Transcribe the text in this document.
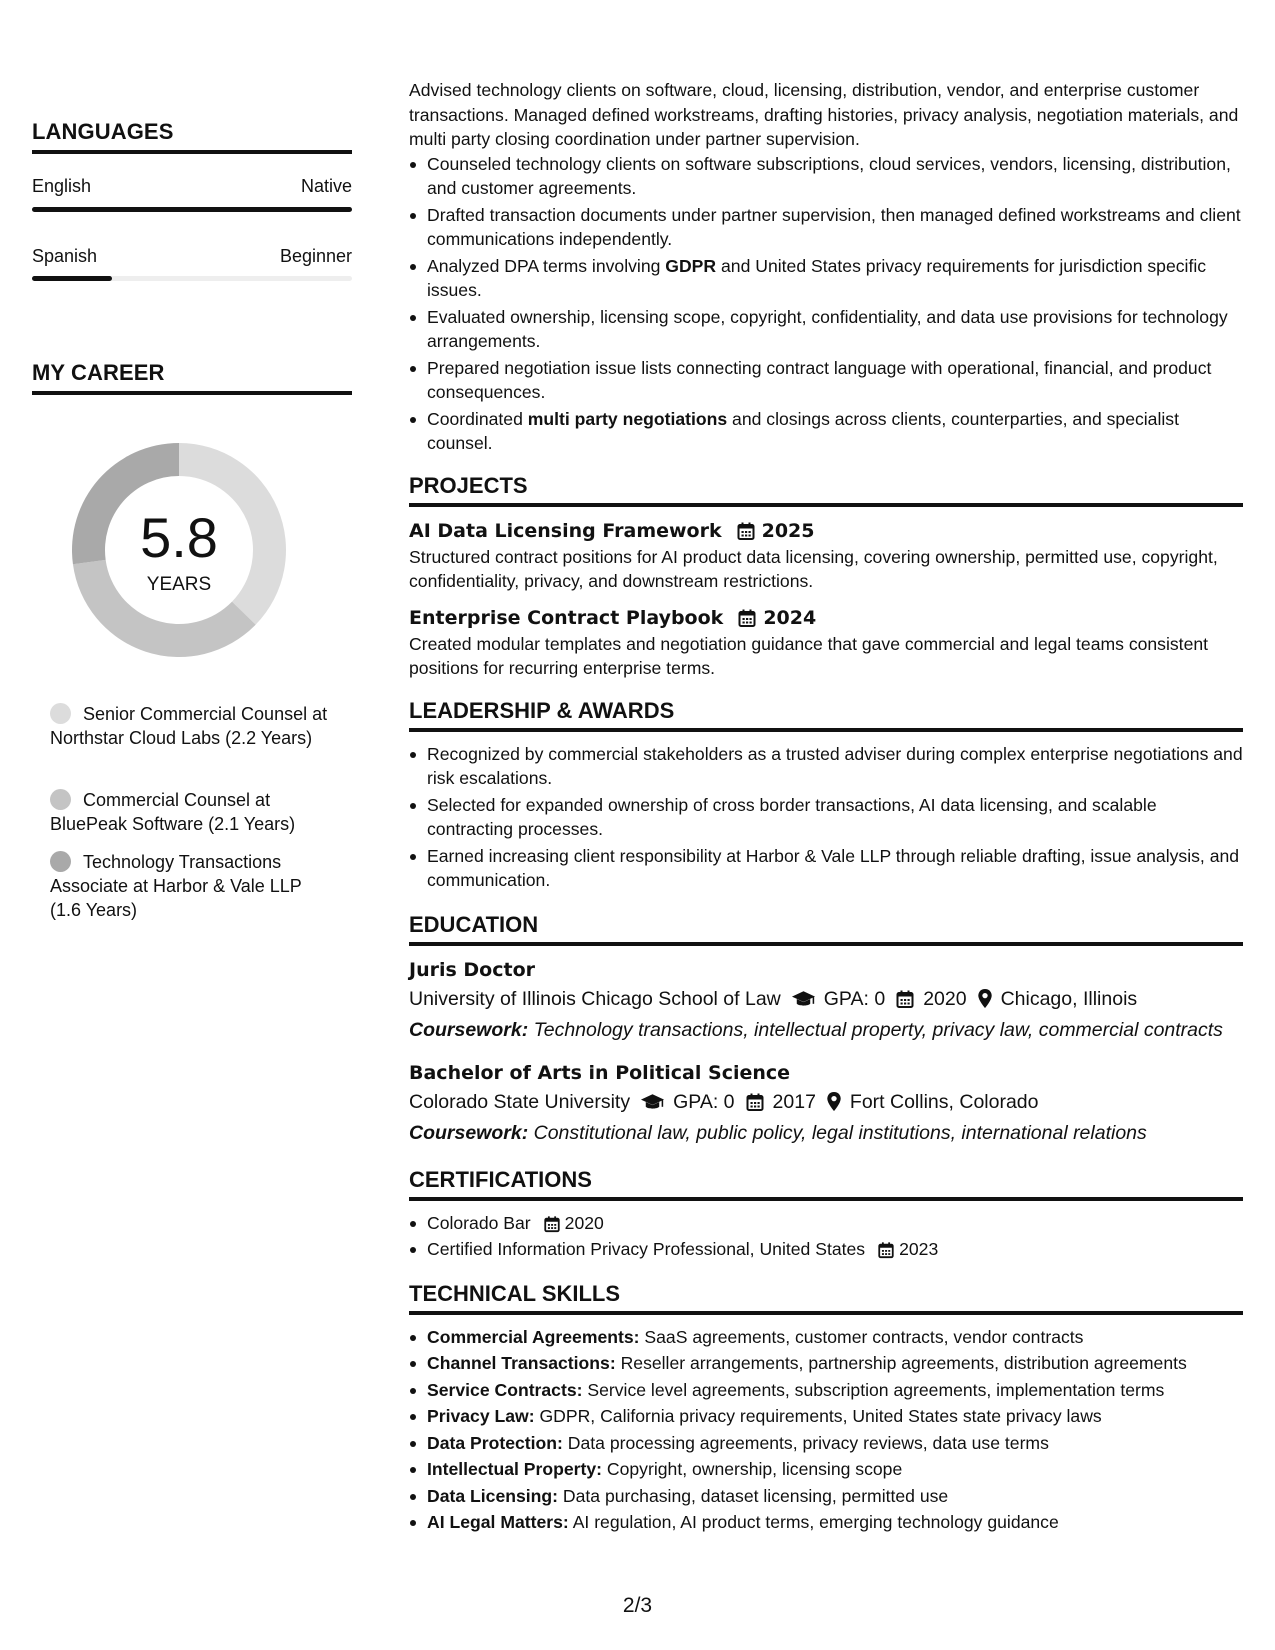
LANGUAGES
English	Native
Spanish	Beginner
MY CAREER
5.8
YEARS
Senior Commercial Counsel at Northstar Cloud Labs (2.2 Years)
Commercial Counsel at BluePeak Software (2.1 Years)
Technology Transactions Associate at Harbor & Vale LLP (1.6 Years)

Advised technology clients on software, cloud, licensing, distribution, vendor, and enterprise customer transactions. Managed defined workstreams, drafting histories, privacy analysis, negotiation materials, and multi party closing coordination under partner supervision.

Counseled technology clients on software subscriptions, cloud services, vendors, licensing, distribution, and customer agreements.
Drafted transaction documents under partner supervision, then managed defined workstreams and client communications independently.
Analyzed DPA terms involving GDPR and United States privacy requirements for jurisdiction specific issues.
Evaluated ownership, licensing scope, copyright, confidentiality, and data use provisions for technology arrangements.
Prepared negotiation issue lists connecting contract language with operational, financial, and product consequences.
Coordinated multi party negotiations and closings across clients, counterparties, and specialist counsel.
PROJECTS
AI Data Licensing Framework 2025

Structured contract positions for AI product data licensing, covering ownership, permitted use, copyright, confidentiality, privacy, and downstream restrictions.

Enterprise Contract Playbook 2024

Created modular templates and negotiation guidance that gave commercial and legal teams consistent positions for recurring enterprise terms.

LEADERSHIP & AWARDS
Recognized by commercial stakeholders as a trusted adviser during complex enterprise negotiations and risk escalations.
Selected for expanded ownership of cross border transactions, AI data licensing, and scalable contracting processes.
Earned increasing client responsibility at Harbor & Vale LLP through reliable drafting, issue analysis, and communication.
EDUCATION
Juris Doctor
University of Illinois Chicago School of Law GPA: 0 2020 Chicago, Illinois
Coursework: Technology transactions, intellectual property, privacy law, commercial contracts
Bachelor of Arts in Political Science
Colorado State University GPA: 0 2017 Fort Collins, Colorado
Coursework: Constitutional law, public policy, legal institutions, international relations
CERTIFICATIONS
Colorado Bar 2020
Certified Information Privacy Professional, United States 2023
TECHNICAL SKILLS
Commercial Agreements: SaaS agreements, customer contracts, vendor contracts
Channel Transactions: Reseller arrangements, partnership agreements, distribution agreements
Service Contracts: Service level agreements, subscription agreements, implementation terms
Privacy Law: GDPR, California privacy requirements, United States state privacy laws
Data Protection: Data processing agreements, privacy reviews, data use terms
Intellectual Property: Copyright, ownership, licensing scope
Data Licensing: Data purchasing, dataset licensing, permitted use
AI Legal Matters: AI regulation, AI product terms, emerging technology guidance
2/3
